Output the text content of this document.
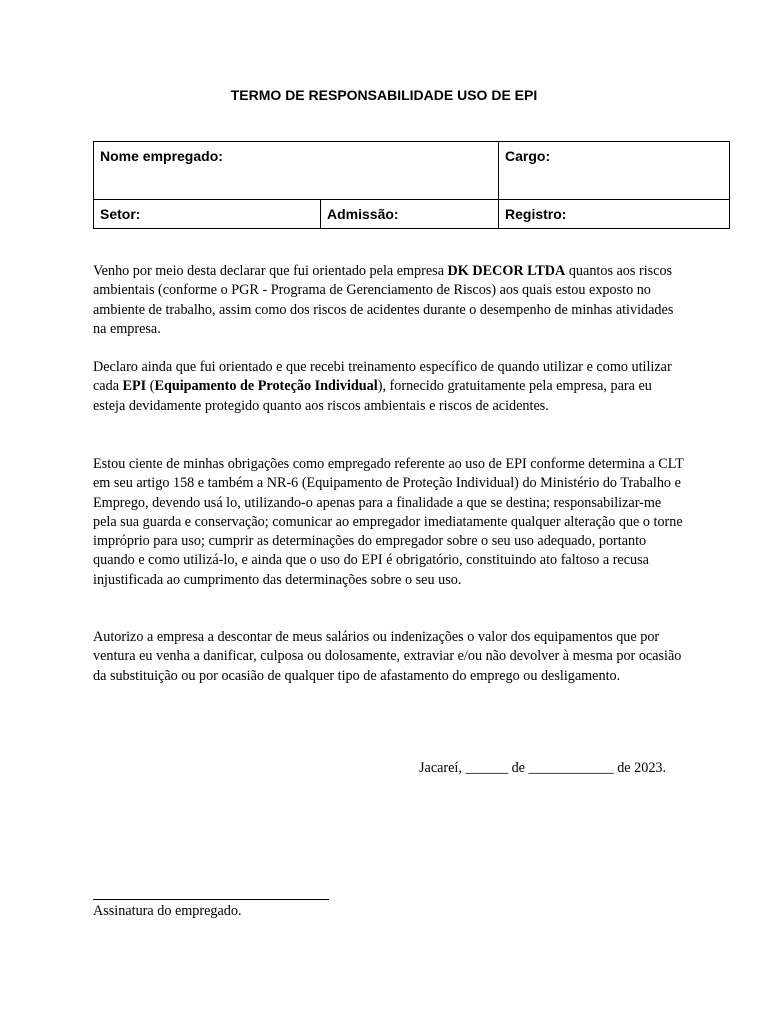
TERMO DE RESPONSABILIDADE USO DE EPI
Nome empregado:		Cargo:
Setor:	Admissão:	Registro:

Venho por meio desta declarar que fui orientado pela empresa DK DECOR LTDA quantos aos riscos ambientais (conforme o PGR - Programa de Gerenciamento de Riscos) aos quais estou exposto no ambiente de trabalho, assim como dos riscos de acidentes durante o desempenho de minhas atividades na empresa.

Declaro ainda que fui orientado e que recebi treinamento específico de quando utilizar e como utilizar cada EPI (Equipamento de Proteção Individual), fornecido gratuitamente pela empresa, para eu esteja devidamente protegido quanto aos riscos ambientais e riscos de acidentes.

Estou ciente de minhas obrigações como empregado referente ao uso de EPI conforme determina a CLT em seu artigo 158 e também a NR-6 (Equipamento de Proteção Individual) do Ministério do Trabalho e Emprego, devendo usá lo, utilizando-o apenas para a finalidade a que se destina; responsabilizar-me pela sua guarda e conservação; comunicar ao empregador imediatamente qualquer alteração que o torne impróprio para uso; cumprir as determinações do empregador sobre o seu uso adequado, portanto quando e como utilizá-lo, e ainda que o uso do EPI é obrigatório, constituindo ato faltoso a recusa injustificada ao cumprimento das determinações sobre o seu uso.

Autorizo a empresa a descontar de meus salários ou indenizações o valor dos equipamentos que por ventura eu venha a danificar, culposa ou dolosamente, extraviar e/ou não devolver à mesma por ocasião da substituição ou por ocasião de qualquer tipo de afastamento do emprego ou desligamento.

Jacareí, ______ de ____________ de 2023.
Assinatura do empregado.
